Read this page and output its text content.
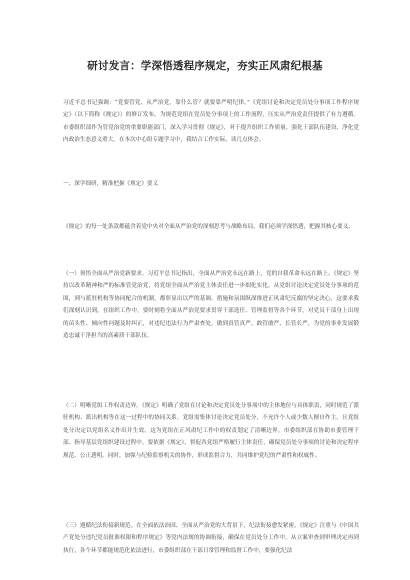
研讨发言：学深悟透程序规定，夯实正风肃纪根基

习近平总书记强调：“党要管党、从严治党，靠什么管？就要靠严明纪律。”《党组讨论和决定党员处分事项工作程序规定》（以下简称《规定》）的修订发布，为规范党组在党员处分事项上的工作流程，压实从严治党责任提供了有力遵循。市委组织部作为管党治党的重要职能部门，深入学习贯彻《规定》，对于提升组织工作质量、强化干部队伍建设、净化党内政治生态意义重大。在本次中心组专题学习中，我结合工作实际，谈几点体会。

一、深学细研，精准把握《规定》要义

《规定》的每一处条款都蕴含着党中央对全面从严治党的深刻思考与战略布局，我们必须学深悟透，把握其核心要义。

（一）领悟全面从严治党新要求。习近平总书记指出，全面从严治党永远在路上，党的自我革命永远在路上。《规定》坚持以改革精神和严的标准管党治党，将党组全面从严治党主体责任进一步细化实化。从党组讨论决定党员处分事项的范围，到与派驻机构等协同配合的机制，都彰显出以严的基调、措施和氛围纵深推进正风肃纪反腐的坚定决心，这要求我们深刻认识到，在组织工作中，要时刻将全面从严治党要求贯穿干部选任、管理监督等各个环节，对党员干部身上出现的苗头性、倾向性问题及时纠正，对违纪违法行为严肃查处，做到真管真严、敢管敢严、长管长严，为党的事业发展锻造忠诚干净担当的高素质干部队伍。

（二）明晰党组工作权责边界。《规定》明确了党组在讨论和决定党员处分事项中的主体地位与具体职责，同时规范了派驻机构、派出机构等在这一过程中的协同关系。党组需集体讨论决定党员处分，不允许个人或少数人擅自作主，且党组处分决定以党组名义作出并生效。这为党组在正风肃纪工作中的权责划定了清晰边界。市委组织部在协助市委管理干部、指导基层党组织建设过程中，要依据《规定》，督促各党组严格履行主体责任，确保党员处分事项的讨论和决定程序规范、公正透明。同时，加强与纪检监察机关的协作，形成监督合力，共同维护党纪的严肃性和权威性。

（三）遵循纪法衔接新规范。在全面依法治国、全面从严治党的大背景下，纪法衔接愈发紧密。《规定》注重与《中国共产党处分违纪党员批准权限和程序规定》等党内法规的协调衔接，确保在党员处分工作中，从立案审查到审理决定再到执行，各个环节都能规范化依法进行，市委组织部在干部日常管理和监督工作中，要强化纪法
